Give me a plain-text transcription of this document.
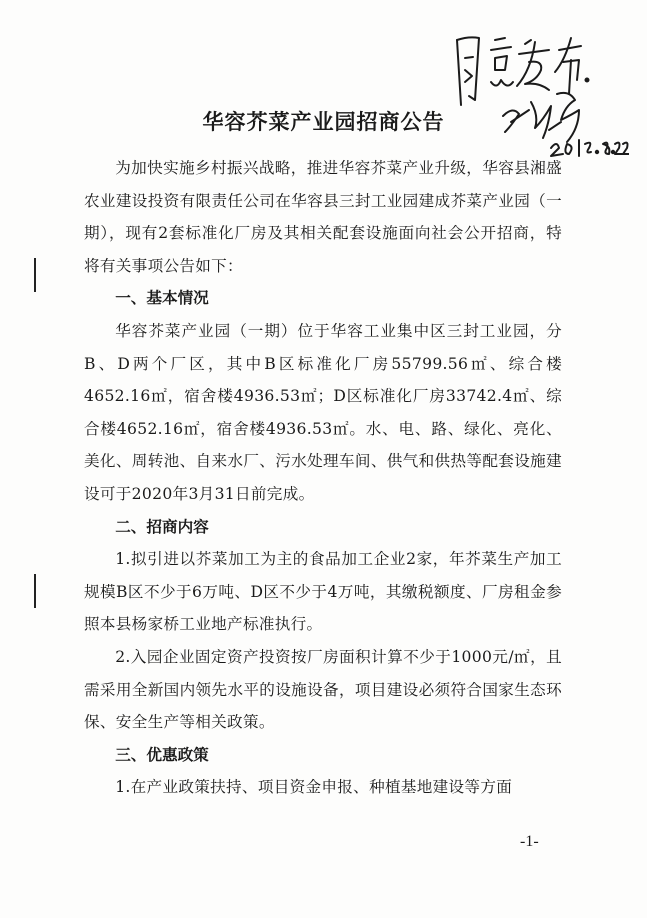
华容芥菜产业园招商公告

为加快实施乡村振兴战略，推进华容芥菜产业升级，华容县湘盛农业建设投资有限责任公司在华容县三封工业园建成芥菜产业园（一期），现有2套标准化厂房及其相关配套设施面向社会公开招商，特将有关事项公告如下：

一、基本情况

华容芥菜产业园（一期）位于华容工业集中区三封工业园，分B、D两个厂区，其中B区标准化厂房55799.56㎡、综合楼4652.16㎡，宿舍楼4936.53㎡；D区标准化厂房33742.4㎡、综合楼4652.16㎡，宿舍楼4936.53㎡。水、电、路、绿化、亮化、美化、周转池、自来水厂、污水处理车间、供气和供热等配套设施建设可于2020年3月31日前完成。

二、招商内容

1.拟引进以芥菜加工为主的食品加工企业2家，年芥菜生产加工规模B区不少于6万吨、D区不少于4万吨，其缴税额度、厂房租金参照本县杨家桥工业地产标准执行。

2.入园企业固定资产投资按厂房面积计算不少于1000元/㎡，且需采用全新国内领先水平的设施设备，项目建设必须符合国家生态环保、安全生产等相关政策。

三、优惠政策

1.在产业政策扶持、项目资金申报、种植基地建设等方面

-1-
